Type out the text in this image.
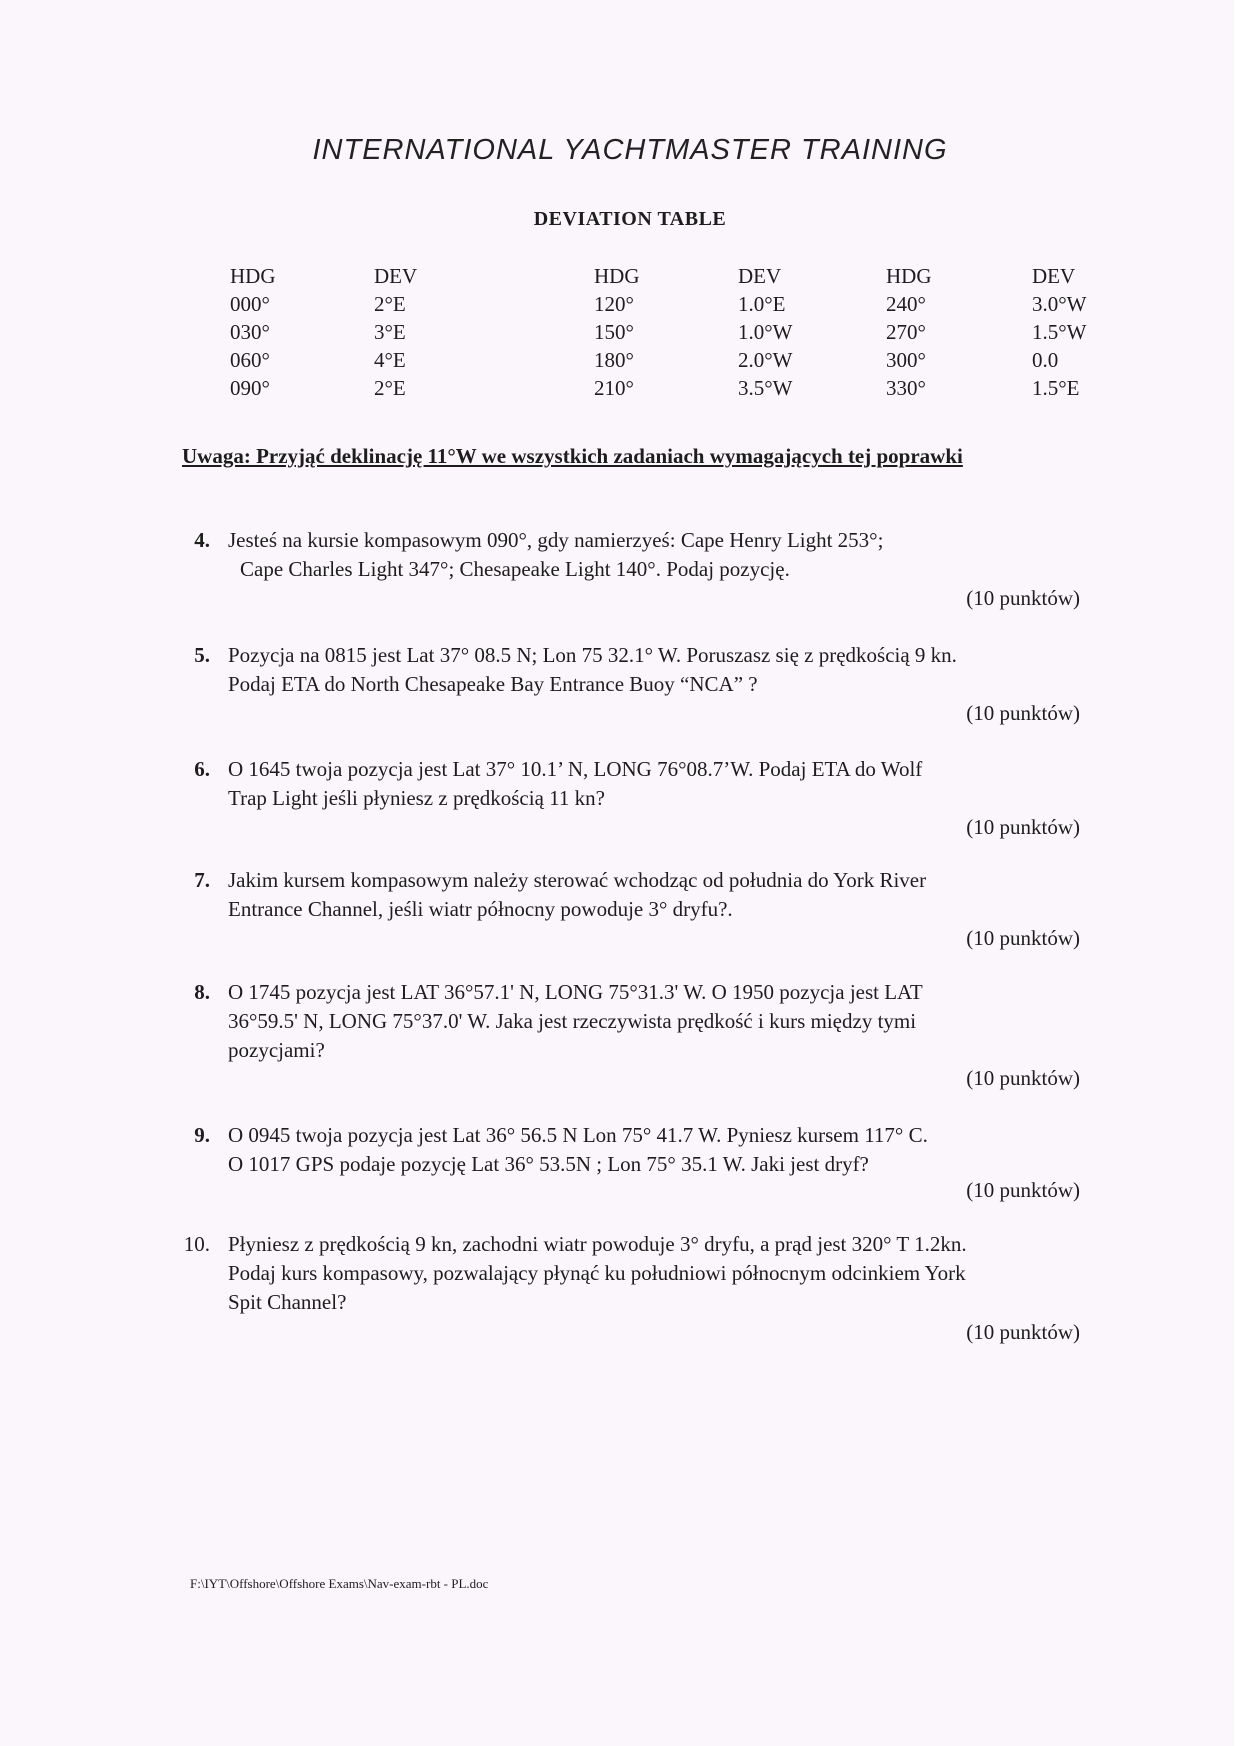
INTERNATIONAL YACHTMASTER TRAINING
DEVIATION TABLE
HDG
000°
030°
060°
090°
DEV
2°E
3°E
4°E
2°E
HDG
120°
150°
180°
210°
DEV
1.0°E
1.0°W
2.0°W
3.5°W
HDG
240°
270°
300°
330°
DEV
3.0°W
1.5°W
0.0
1.5°E
Uwaga: Przyjąć deklinację 11°W we wszystkich zadaniach wymagających tej poprawki
4. Jesteś na kursie kompasowym 090°, gdy namierzyeś: Cape Henry Light 253°;
Cape Charles Light 347°; Chesapeake Light 140°. Podaj pozycję.
(10 punktów)
5. Pozycja na 0815 jest Lat 37° 08.5 N; Lon 75 32.1° W. Poruszasz się z prędkością 9 kn.
Podaj ETA do North Chesapeake Bay Entrance Buoy “NCA” ?
(10 punktów)
6. O 1645 twoja pozycja jest Lat 37° 10.1’ N, LONG 76°08.7’W. Podaj ETA do Wolf
Trap Light jeśli płyniesz z prędkością 11 kn?
(10 punktów)
7. Jakim kursem kompasowym należy sterować wchodząc od południa do York River
Entrance Channel, jeśli wiatr północny powoduje 3° dryfu?.
(10 punktów)
8. O 1745 pozycja jest LAT 36°57.1' N, LONG 75°31.3' W. O 1950 pozycja jest LAT
36°59.5' N, LONG 75°37.0' W. Jaka jest rzeczywista prędkość i kurs między tymi
pozycjami?
(10 punktów)
9. O 0945 twoja pozycja jest Lat 36° 56.5 N Lon 75° 41.7 W. Pyniesz kursem 117° C.
O 1017 GPS podaje pozycję Lat 36° 53.5N ; Lon 75° 35.1 W. Jaki jest dryf?
(10 punktów)
10. Płyniesz z prędkością 9 kn, zachodni wiatr powoduje 3° dryfu, a prąd jest 320° T 1.2kn.
Podaj kurs kompasowy, pozwalający płynąć ku południowi północnym odcinkiem York
Spit Channel?
(10 punktów)
F:\IYT\Offshore\Offshore Exams\Nav-exam-rbt - PL.doc
